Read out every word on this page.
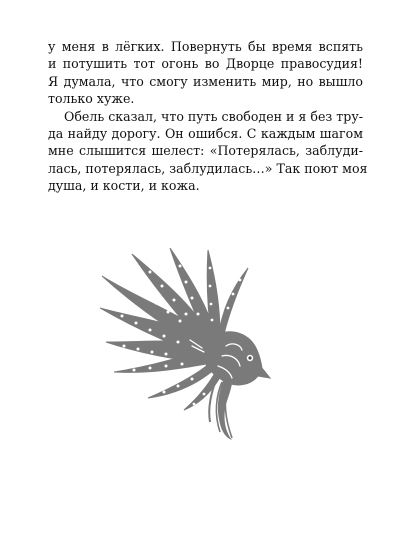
у меня в лёгких. Повернуть бы время вспять
и потушить тот огонь во Дворце правосудия!
Я думала, что смогу изменить мир, но вышло
только хуже.
Обель сказал, что путь свободен и я без тру-
да найду дорогу. Он ошибся. С каждым шагом
мне слышится шелест: «Потерялась, заблуди-
лась, потерялась, заблудилась…» Так поют моя
душа, и кости, и кожа.
